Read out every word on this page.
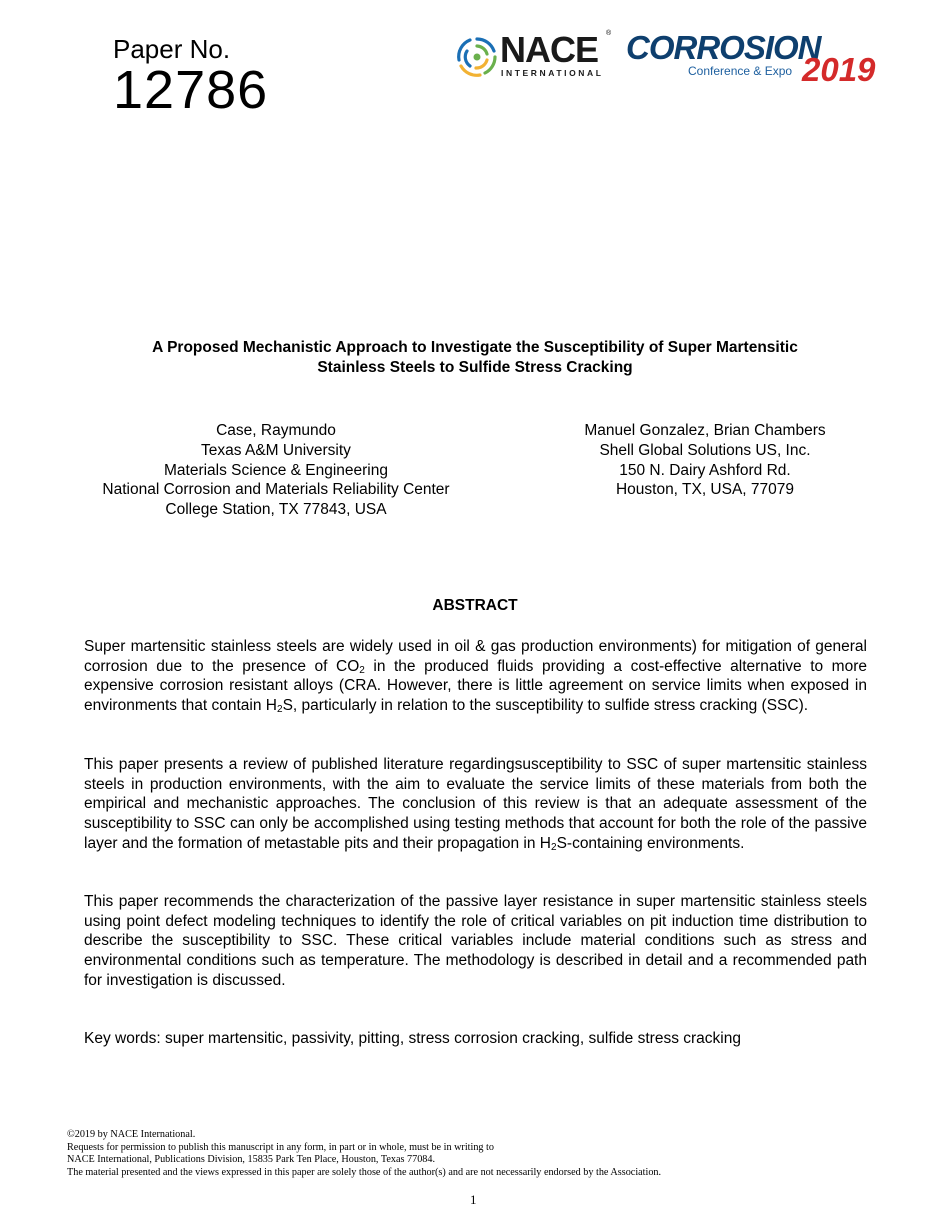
Paper No.
12786
NACE ®
INTERNATIONAL
CORROSION
Conference & Expo 2019
A Proposed Mechanistic Approach to Investigate the Susceptibility of Super Martensitic
Stainless Steels to Sulfide Stress Cracking
Case, Raymundo
Texas A&M University
Materials Science & Engineering
National Corrosion and Materials Reliability Center
College Station, TX 77843, USA
Manuel Gonzalez, Brian Chambers
Shell Global Solutions US, Inc.
150 N. Dairy Ashford Rd.
Houston, TX, USA, 77079
ABSTRACT
Super martensitic stainless steels are widely used in oil & gas production environments) for mitigation of general corrosion due to the presence of $CO_2$ in the produced fluids providing a cost-effective alternative to more expensive corrosion resistant alloys (CRA. However, there is little agreement on service limits when exposed in environments that contain $H_2S$, particularly in relation to the susceptibility to sulfide stress cracking (SSC).
This paper presents a review of published literature regardingsusceptibility to SSC of super martensitic stainless steels in production environments, with the aim to evaluate the service limits of these materials from both the empirical and mechanistic approaches. The conclusion of this review is that an adequate assessment of the susceptibility to SSC can only be accomplished using testing methods that account for both the role of the passive layer and the formation of metastable pits and their propagation in $H_2S$-containing environments.
This paper recommends the characterization of the passive layer resistance in super martensitic stainless steels using point defect modeling techniques to identify the role of critical variables on pit induction time distribution to describe the susceptibility to SSC. These critical variables include material conditions such as stress and environmental conditions such as temperature. The methodology is described in detail and a recommended path for investigation is discussed.
Key words: super martensitic, passivity, pitting, stress corrosion cracking, sulfide stress cracking
©2019 by NACE International.
Requests for permission to publish this manuscript in any form, in part or in whole, must be in writing to
NACE International, Publications Division, 15835 Park Ten Place, Houston, Texas 77084.
The material presented and the views expressed in this paper are solely those of the author(s) and are not necessarily endorsed by the Association.
1
